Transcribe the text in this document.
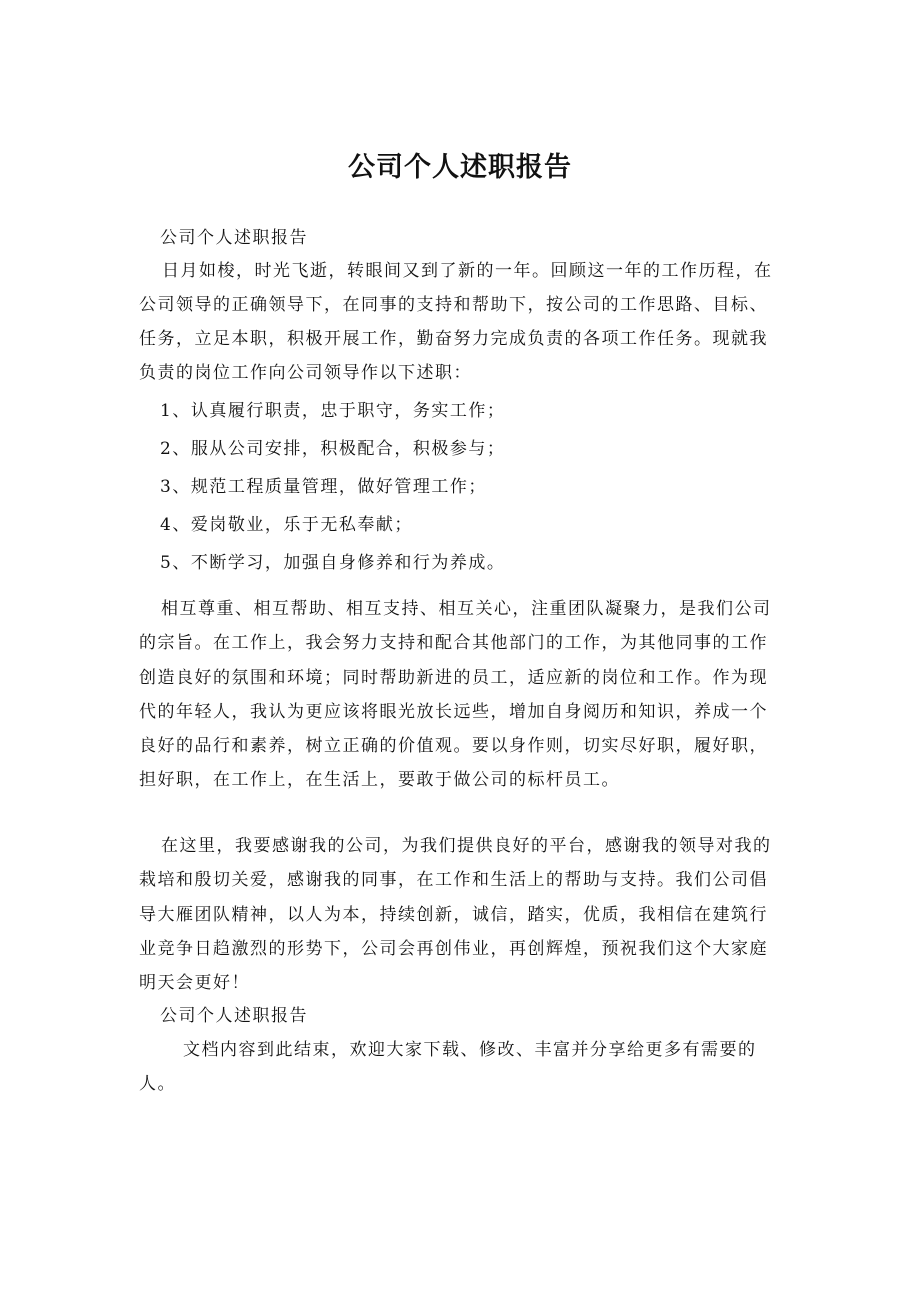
公司个人述职报告

公司个人述职报告

日月如梭，时光飞逝，转眼间又到了新的一年。回顾这一年的工作历程，在公司领导的正确领导下，在同事的支持和帮助下，按公司的工作思路、目标、任务，立足本职，积极开展工作，勤奋努力完成负责的各项工作任务。现就我负责的岗位工作向公司领导作以下述职：

1、认真履行职责，忠于职守，务实工作；
2、服从公司安排，积极配合，积极参与；
3、规范工程质量管理，做好管理工作；
4、爱岗敬业，乐于无私奉献；
5、不断学习，加强自身修养和行为养成。

相互尊重、相互帮助、相互支持、相互关心，注重团队凝聚力，是我们公司的宗旨。在工作上，我会努力支持和配合其他部门的工作，为其他同事的工作创造良好的氛围和环境；同时帮助新进的员工，适应新的岗位和工作。作为现代的年轻人，我认为更应该将眼光放长远些，增加自身阅历和知识，养成一个良好的品行和素养，树立正确的价值观。要以身作则，切实尽好职，履好职，担好职，在工作上，在生活上，要敢于做公司的标杆员工。

在这里，我要感谢我的公司，为我们提供良好的平台，感谢我的领导对我的栽培和殷切关爱，感谢我的同事，在工作和生活上的帮助与支持。我们公司倡导大雁团队精神，以人为本，持续创新，诚信，踏实，优质，我相信在建筑行业竞争日趋激烈的形势下，公司会再创伟业，再创辉煌，预祝我们这个大家庭明天会更好！

公司个人述职报告

文档内容到此结束，欢迎大家下载、修改、丰富并分享给更多有需要的人。
